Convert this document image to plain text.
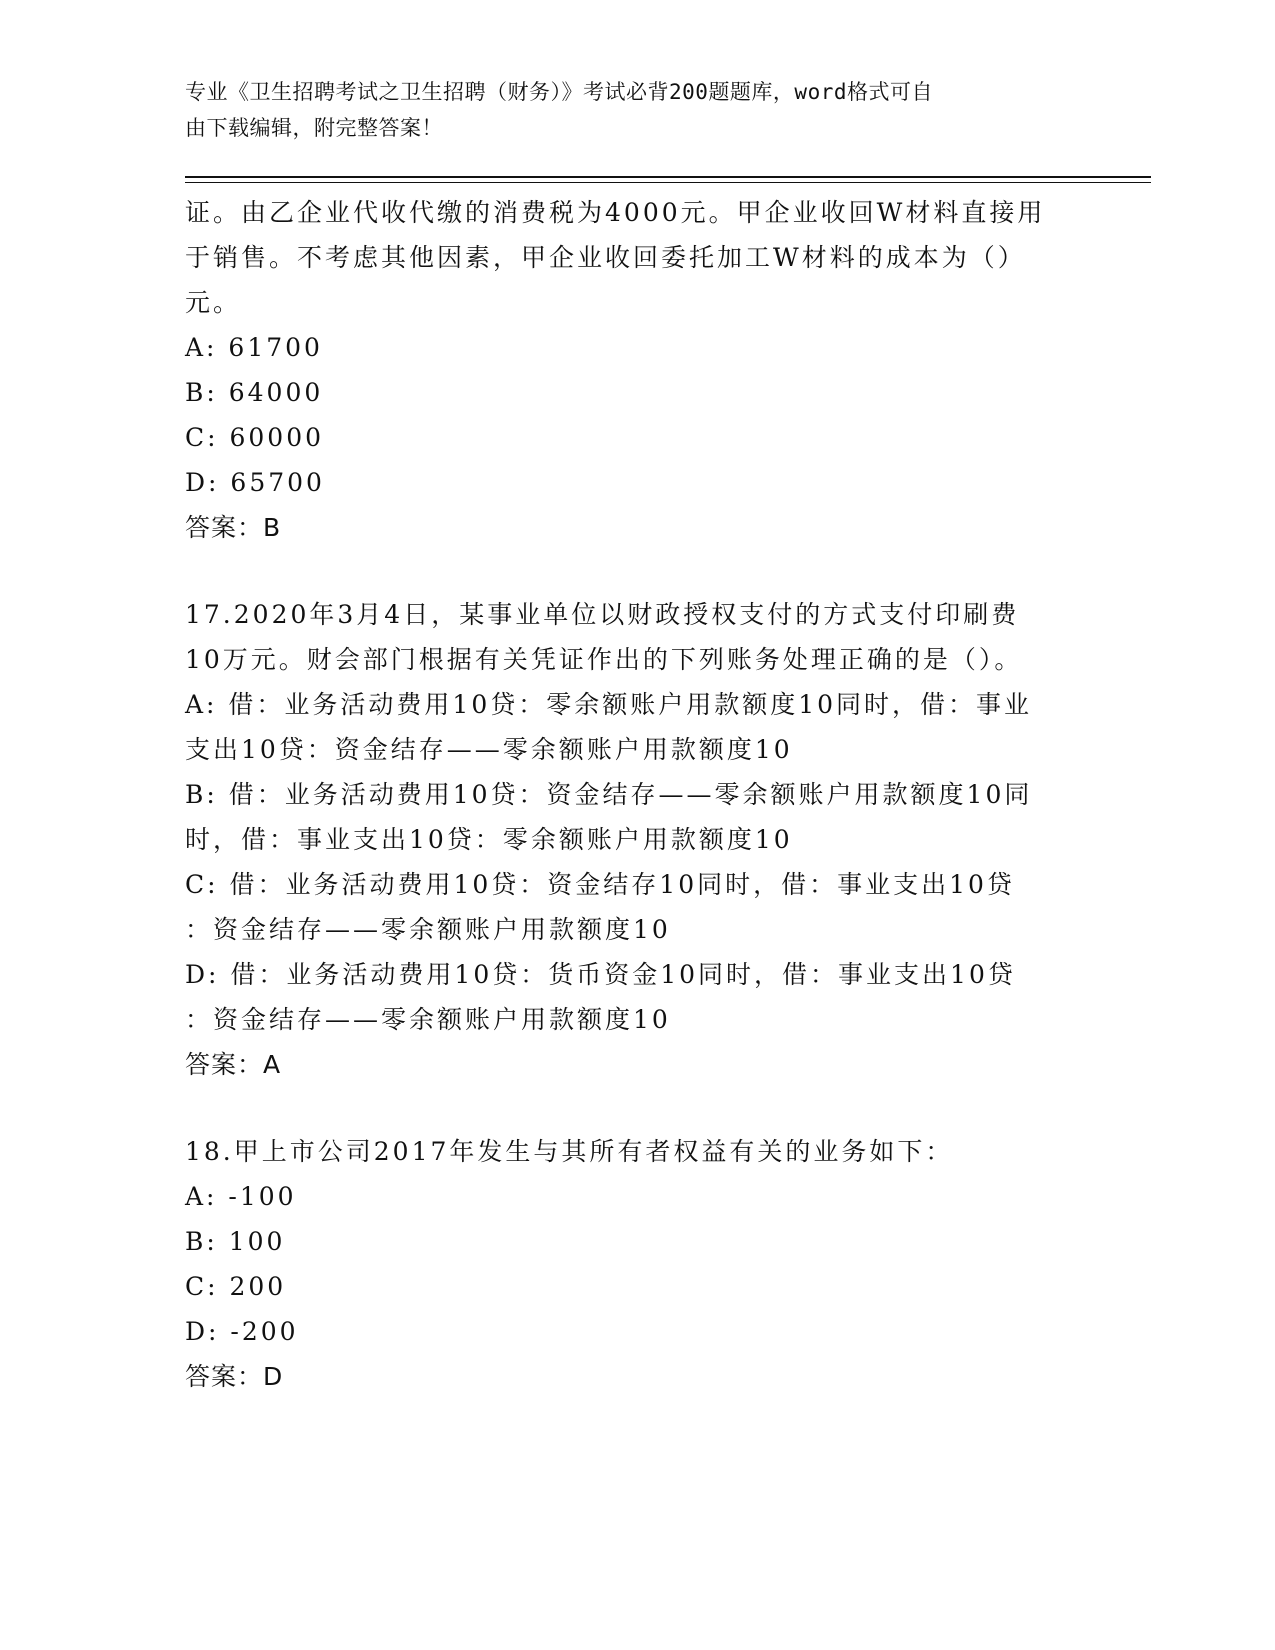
专业《卫生招聘考试之卫生招聘（财务）》考试必背200题题库，word格式可自
由下载编辑，附完整答案！
证。由乙企业代收代缴的消费税为4000元。甲企业收回W材料直接用
于销售。不考虑其他因素，甲企业收回委托加工W材料的成本为（）
元。
A: 61700
B: 64000
C: 60000
D: 65700
答案：B
17.2020年3月4日，某事业单位以财政授权支付的方式支付印刷费
10万元。财会部门根据有关凭证作出的下列账务处理正确的是（）。
A: 借：业务活动费用10贷：零余额账户用款额度10同时，借：事业
支出10贷：资金结存——零余额账户用款额度10
B: 借：业务活动费用10贷：资金结存——零余额账户用款额度10同
时，借：事业支出10贷：零余额账户用款额度10
C: 借：业务活动费用10贷：资金结存10同时，借：事业支出10贷
：资金结存——零余额账户用款额度10
D: 借：业务活动费用10贷：货币资金10同时，借：事业支出10贷
：资金结存——零余额账户用款额度10
答案：A
18.甲上市公司2017年发生与其所有者权益有关的业务如下：
A: -100
B: 100
C: 200
D: -200
答案：D
